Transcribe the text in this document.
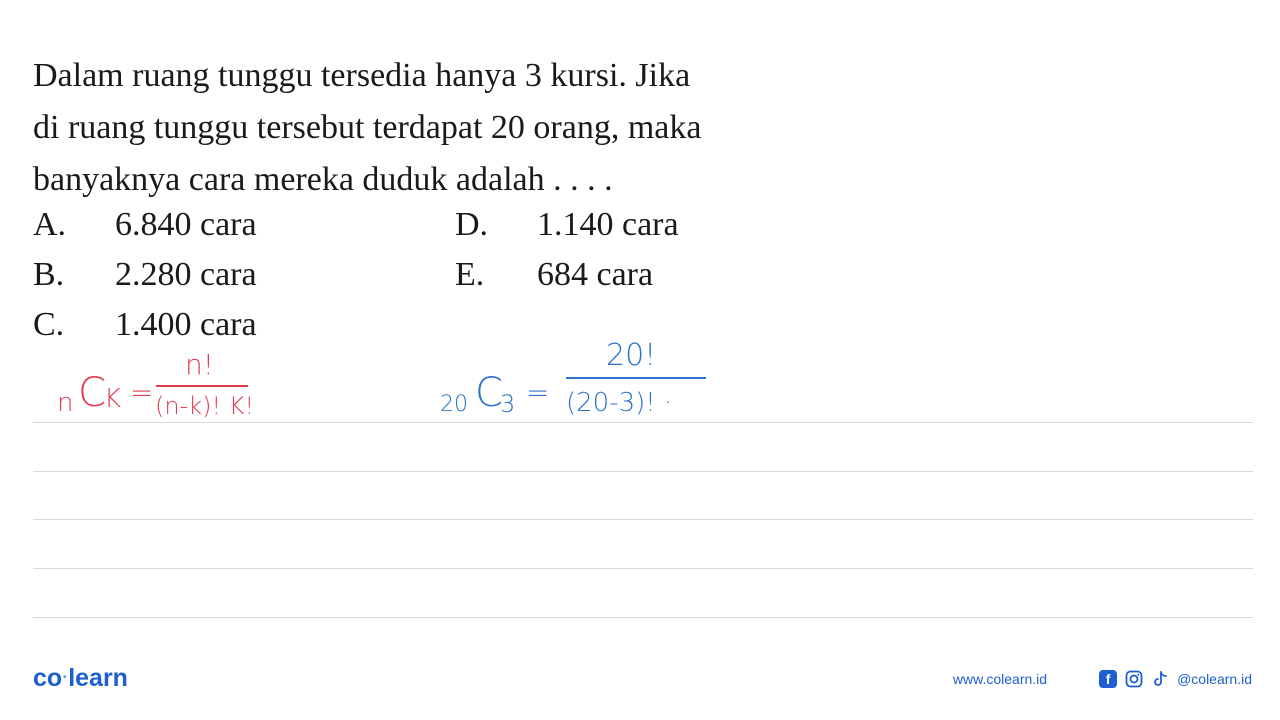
Dalam ruang tunggu tersedia hanya 3 kursi. Jika

di ruang tunggu tersebut terdapat 20 orang, maka

banyaknya cara mereka duduk adalah . . . .

A.	6.840 cara
B.	2.280 cara
C.	1.400 cara
D.	1.140 cara
E.	684 cara
n C
K =
n!
(n-k)! K!	20 C
3 =
20!
(20-3)! ·
co·learn	www.colearn.id	f	@colearn.id
